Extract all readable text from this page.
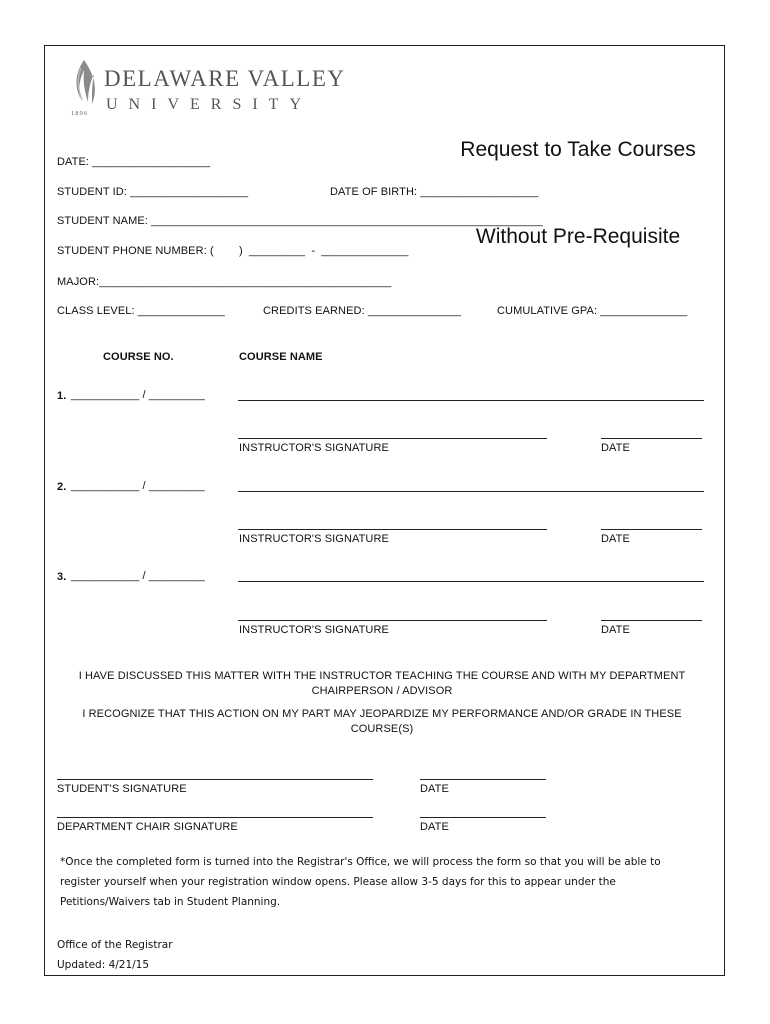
1896
DELAWARE VALLEY
UNIVERSITY

Request to Take Courses

Without Pre-Requisite

DATE: ___________________
STUDENT ID: ___________________	DATE OF BIRTH: ___________________
STUDENT NAME: _______________________________________________________________
STUDENT PHONE NUMBER: (        )  _________  -  ______________
MAJOR:_______________________________________________
CLASS LEVEL: ______________	CREDITS EARNED: _______________	CUMULATIVE GPA: ______________
COURSE NO.	COURSE NAME
1. ___________ / _________
INSTRUCTOR'S SIGNATURE	DATE
2. ___________ / _________
INSTRUCTOR'S SIGNATURE	DATE
3. ___________ / _________
INSTRUCTOR'S SIGNATURE	DATE
I HAVE DISCUSSED THIS MATTER WITH THE INSTRUCTOR TEACHING THE COURSE AND WITH MY DEPARTMENT CHAIRPERSON / ADVISOR
I RECOGNIZE THAT THIS ACTION ON MY PART MAY JEOPARDIZE MY PERFORMANCE AND/OR GRADE IN THESE COURSE(S)
STUDENT'S SIGNATURE	DATE
DEPARTMENT CHAIR SIGNATURE	DATE
*Once the completed form is turned into the Registrar's Office, we will process the form so that you will be able to register yourself when your registration window opens. Please allow 3-5 days for this to appear under the Petitions/Waivers tab in Student Planning.
Office of the Registrar
Updated: 4/21/15
